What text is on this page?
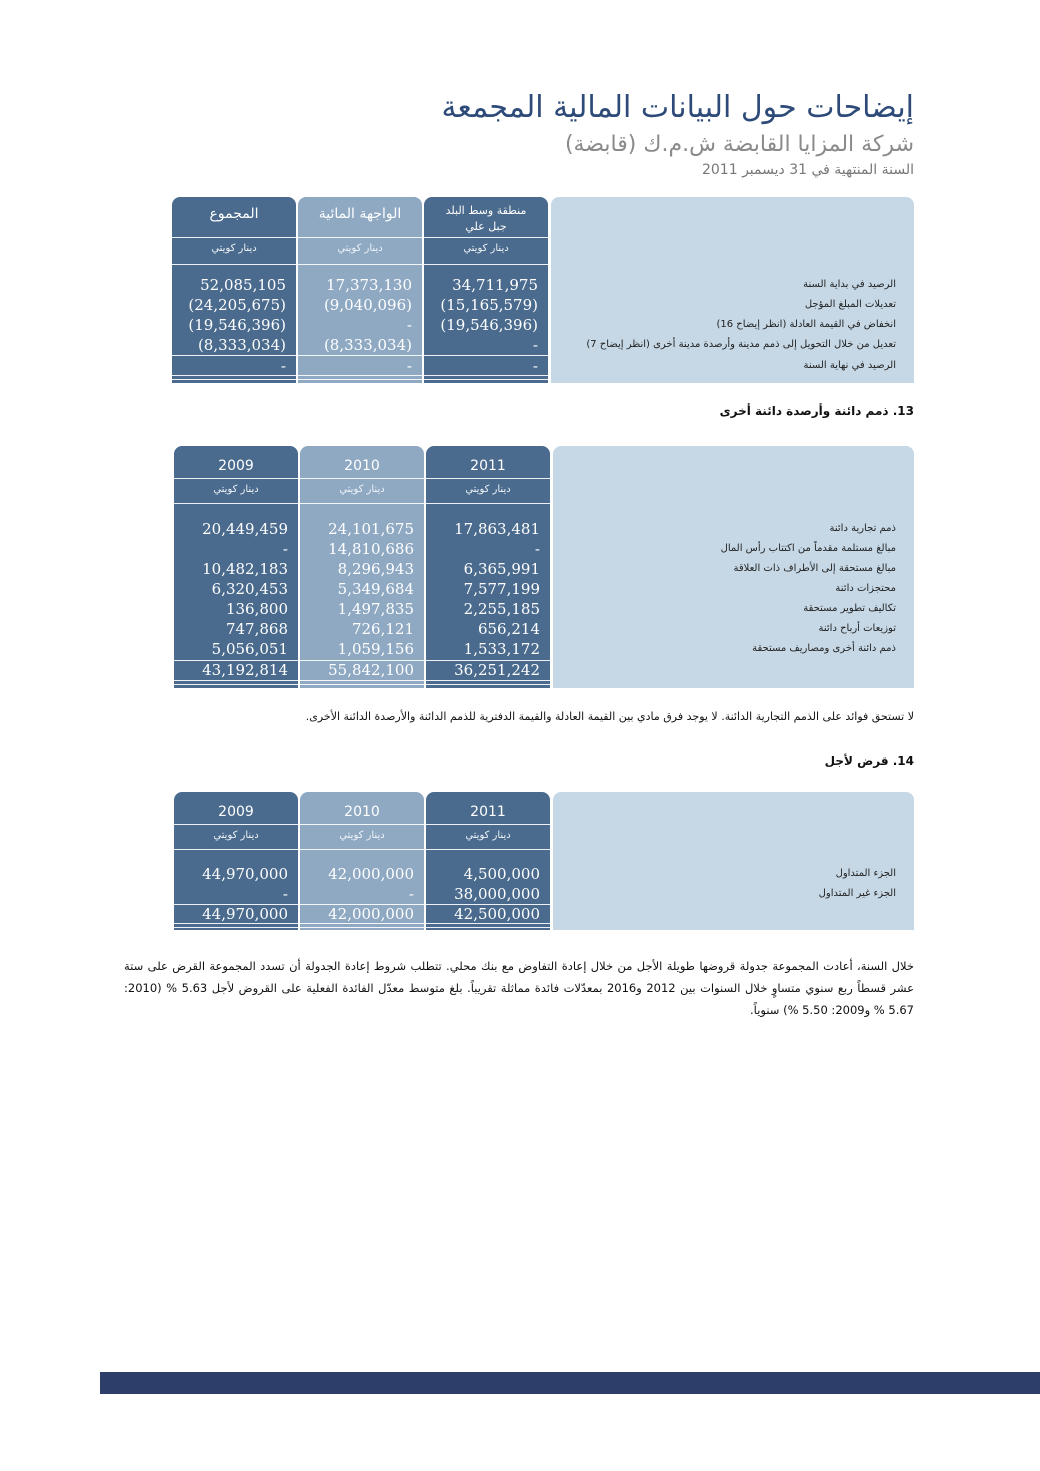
إيضاحات حول البيانات المالية المجمعة
شركة المزايا القابضة ش.م.ك (قابضة)
السنة المنتهية في 31 ديسمبر 2011
المجموع
دينار كويتي
52,085,105
(24,205,675)
(19,546,396)
(8,333,034)
-
الواجهة المائية
دينار كويتي
17,373,130
(9,040,096)
-
(8,333,034)
-
منطقة وسط البلد جبل علي
دينار كويتي
34,711,975
(15,165,579)
(19,546,396)
-
-
الرصيد في بداية السنة
تعديلات المبلغ المؤجل
انخفاض في القيمة العادلة (انظر إيضاح 16)
تعديل من خلال التحويل إلى ذمم مدينة وأرصدة مدينة أخرى (انظر إيضاح 7)
الرصيد في نهاية السنة
13. ذمم دائنة وأرصدة دائنة أخرى
2009
دينار كويتي
20,449,459
-
10,482,183
6,320,453
136,800
747,868
5,056,051
43,192,814
2010
دينار كويتي
24,101,675
14,810,686
8,296,943
5,349,684
1,497,835
726,121
1,059,156
55,842,100
2011
دينار كويتي
17,863,481
-
6,365,991
7,577,199
2,255,185
656,214
1,533,172
36,251,242
ذمم تجارية دائنة
مبالغ مستلمة مقدماً من اكتتاب رأس المال
مبالغ مستحقة إلى الأطراف ذات العلاقة
محتجزات دائنة
تكاليف تطوير مستحقة
توزيعات أرباح دائنة
ذمم دائنة أخرى ومصاريف مستحقة
لا تستحق فوائد على الذمم التجارية الدائنة. لا يوجد فرق مادي بين القيمة العادلة والقيمة الدفترية للذمم الدائنة والأرصدة الدائنة الأخرى.
14. قرض لأجل
2009
دينار كويتي
44,970,000
-
44,970,000
2010
دينار كويتي
42,000,000
-
42,000,000
2011
دينار كويتي
4,500,000
38,000,000
42,500,000
الجزء المتداول
الجزء غير المتداول
خلال السنة، أعادت المجموعة جدولة قروضها طويلة الأجل من خلال إعادة التفاوض مع بنك محلي. تتطلب شروط إعادة الجدولة أن تسدد المجموعة القرض على ستة عشر قسطاً ربع سنوي متساوٍ خلال السنوات بين 2012 و2016 بمعدّلات فائدة مماثلة تقريباً. بلغ متوسط معدّل الفائدة الفعلية على القروض لأجل 5.63 % (2010: 5.67 % و2009: 5.50 %) سنوياً.
